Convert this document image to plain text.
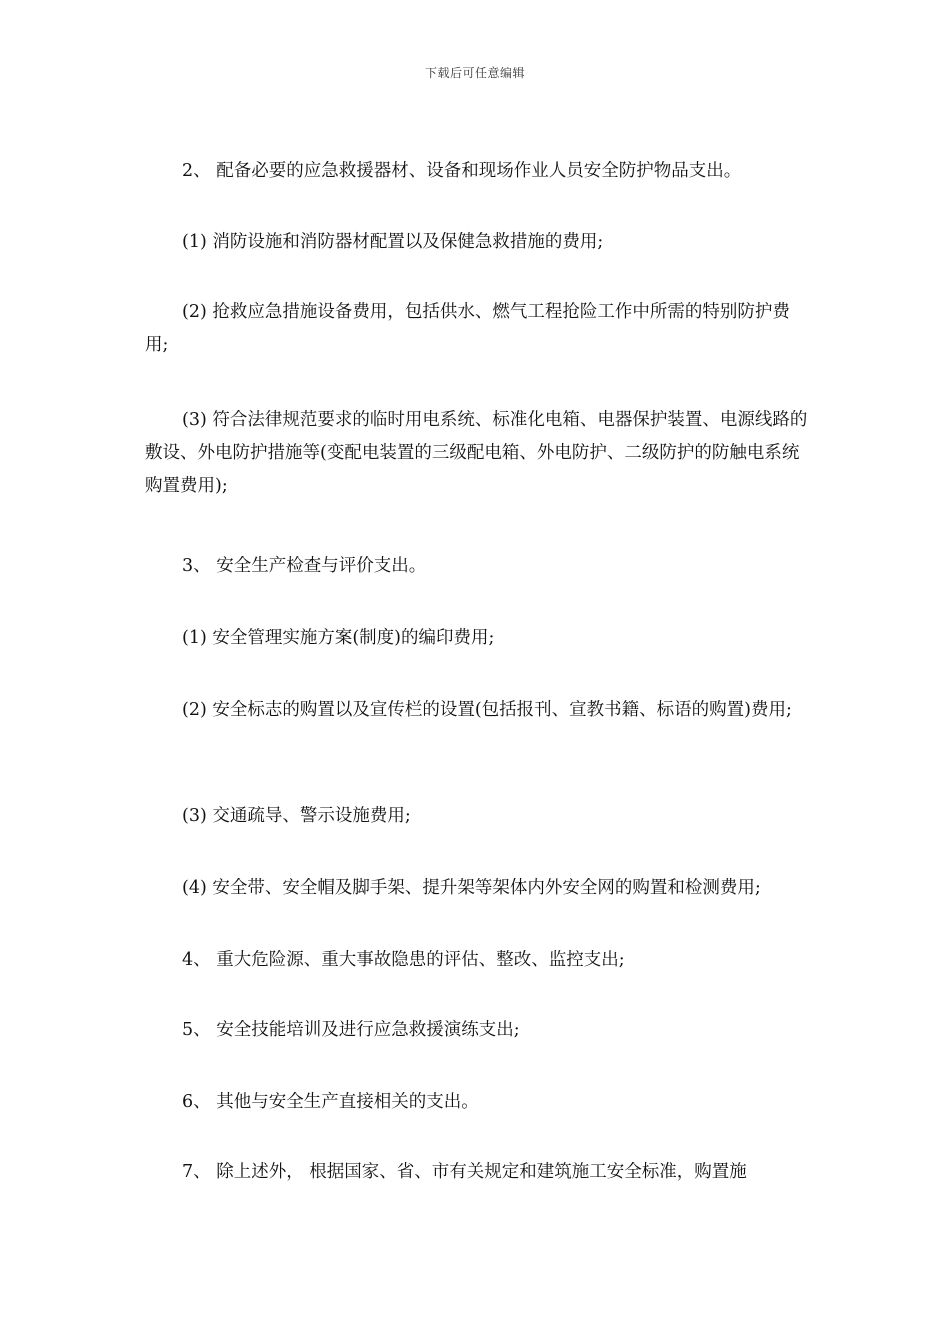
下载后可任意编辑

2、 配备必要的应急救援器材、设备和现场作业人员安全防护物品支出。

(1) 消防设施和消防器材配置以及保健急救措施的费用;

(2) 抢救应急措施设备费用，包括供水、燃气工程抢险工作中所需的特别防护费用;

(3) 符合法律规范要求的临时用电系统、标准化电箱、电器保护装置、电源线路的敷设、外电防护措施等(变配电装置的三级配电箱、外电防护、二级防护的防触电系统购置费用);

3、 安全生产检查与评价支出。

(1) 安全管理实施方案(制度)的编印费用;

(2) 安全标志的购置以及宣传栏的设置(包括报刊、宣教书籍、标语的购置)费用;

(3) 交通疏导、警示设施费用;

(4) 安全带、安全帽及脚手架、提升架等架体内外安全网的购置和检测费用;

4、 重大危险源、重大事故隐患的评估、整改、监控支出;

5、 安全技能培训及进行应急救援演练支出;

6、 其他与安全生产直接相关的支出。

7、 除上述外， 根据国家、省、市有关规定和建筑施工安全标准，购置施
